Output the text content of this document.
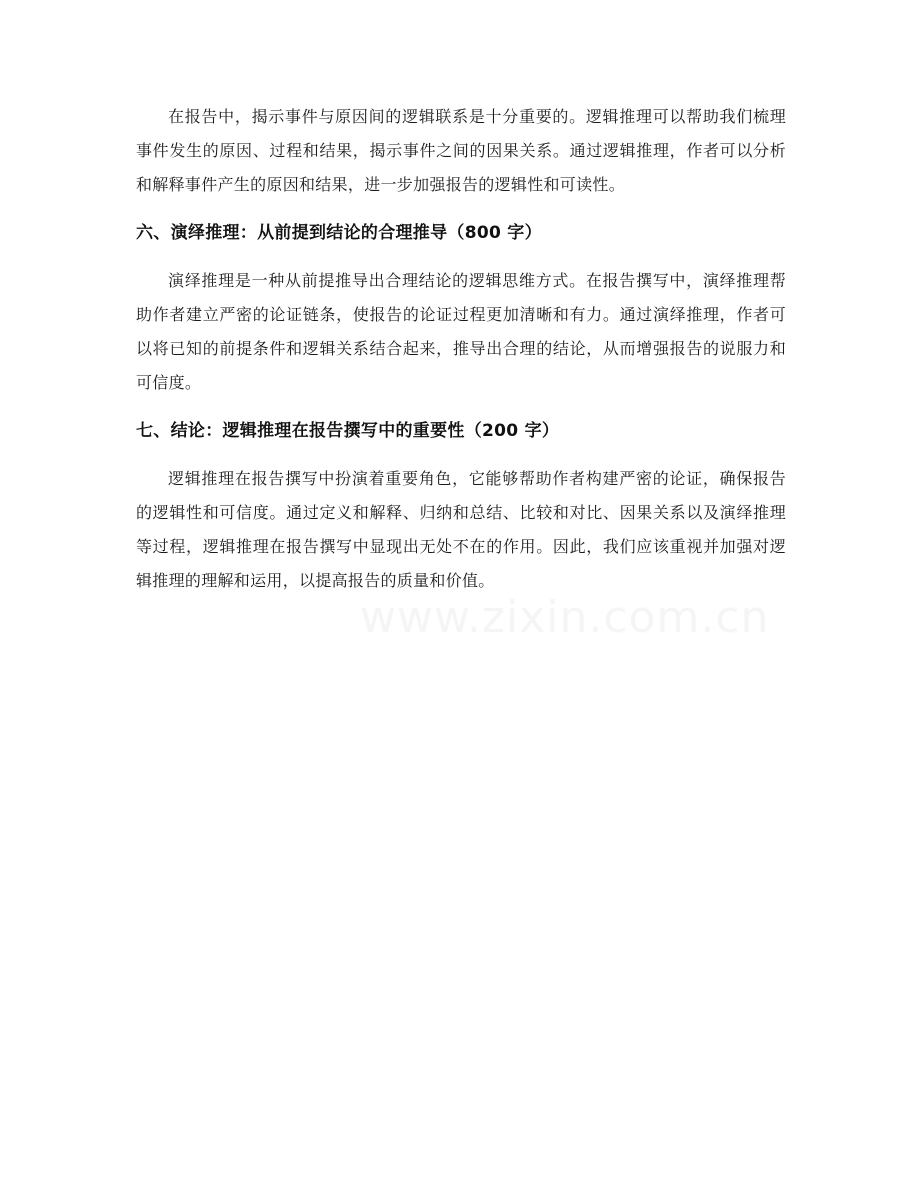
在报告中，揭示事件与原因间的逻辑联系是十分重要的。逻辑推理可以帮助我们梳理事件发生的原因、过程和结果，揭示事件之间的因果关系。通过逻辑推理，作者可以分析和解释事件产生的原因和结果，进一步加强报告的逻辑性和可读性。

六、演绎推理：从前提到结论的合理推导（800 字）

演绎推理是一种从前提推导出合理结论的逻辑思维方式。在报告撰写中，演绎推理帮助作者建立严密的论证链条，使报告的论证过程更加清晰和有力。通过演绎推理，作者可以将已知的前提条件和逻辑关系结合起来，推导出合理的结论，从而增强报告的说服力和可信度。

七、结论：逻辑推理在报告撰写中的重要性（200 字）

逻辑推理在报告撰写中扮演着重要角色，它能够帮助作者构建严密的论证，确保报告的逻辑性和可信度。通过定义和解释、归纳和总结、比较和对比、因果关系以及演绎推理等过程，逻辑推理在报告撰写中显现出无处不在的作用。因此，我们应该重视并加强对逻辑推理的理解和运用，以提高报告的质量和价值。

www.zixin.com.cn
